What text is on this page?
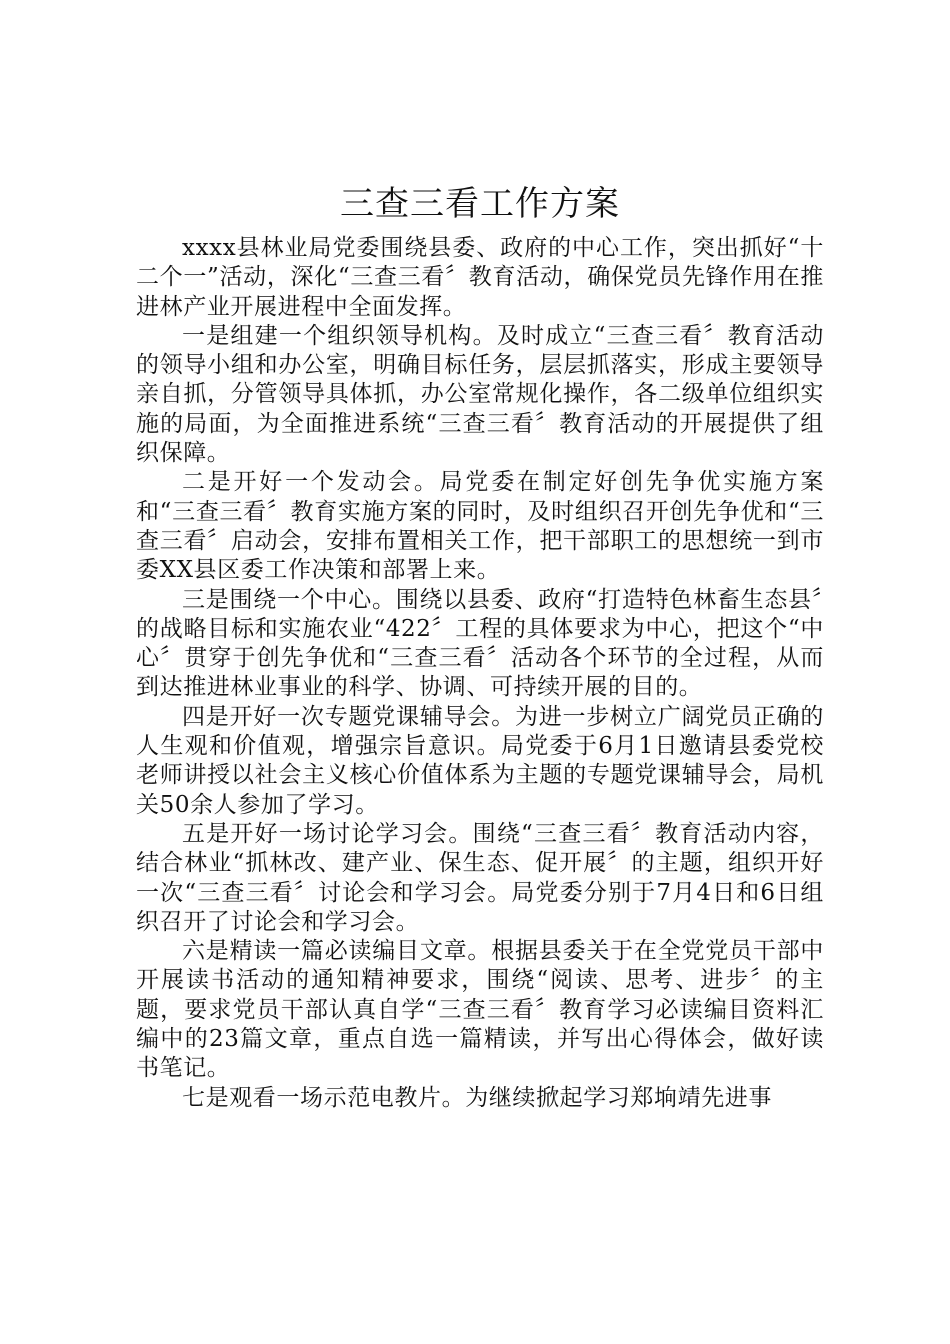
三查三看工作方案

xxxx县林业局党委围绕县委、政府的中心工作，突出抓好“十二个一”活动，深化“三查三看〞教育活动，确保党员先锋作用在推进林产业开展进程中全面发挥。

一是组建一个组织领导机构。及时成立“三查三看〞教育活动的领导小组和办公室，明确目标任务，层层抓落实，形成主要领导亲自抓，分管领导具体抓，办公室常规化操作，各二级单位组织实施的局面，为全面推进系统“三查三看〞教育活动的开展提供了组织保障。

二是开好一个发动会。局党委在制定好创先争优实施方案和“三查三看〞教育实施方案的同时，及时组织召开创先争优和“三查三看〞启动会，安排布置相关工作，把干部职工的思想统一到市委XX县区委工作决策和部署上来。

三是围绕一个中心。围绕以县委、政府“打造特色林畜生态县〞的战略目标和实施农业“422〞工程的具体要求为中心，把这个“中心〞贯穿于创先争优和“三查三看〞活动各个环节的全过程，从而到达推进林业事业的科学、协调、可持续开展的目的。

四是开好一次专题党课辅导会。为进一步树立广阔党员正确的人生观和价值观，增强宗旨意识。局党委于6月1日邀请县委党校老师讲授以社会主义核心价值体系为主题的专题党课辅导会，局机关50余人参加了学习。

五是开好一场讨论学习会。围绕“三查三看〞教育活动内容，结合林业“抓林改、建产业、保生态、促开展〞的主题，组织开好一次“三查三看〞讨论会和学习会。局党委分别于7月4日和6日组织召开了讨论会和学习会。

六是精读一篇必读编目文章。根据县委关于在全党党员干部中开展读书活动的通知精神要求，围绕“阅读、思考、进步〞的主题，要求党员干部认真自学“三查三看〞教育学习必读编目资料汇编中的23篇文章，重点自选一篇精读，并写出心得体会，做好读书笔记。

七是观看一场示范电教片。为继续掀起学习郑垧靖先进事
